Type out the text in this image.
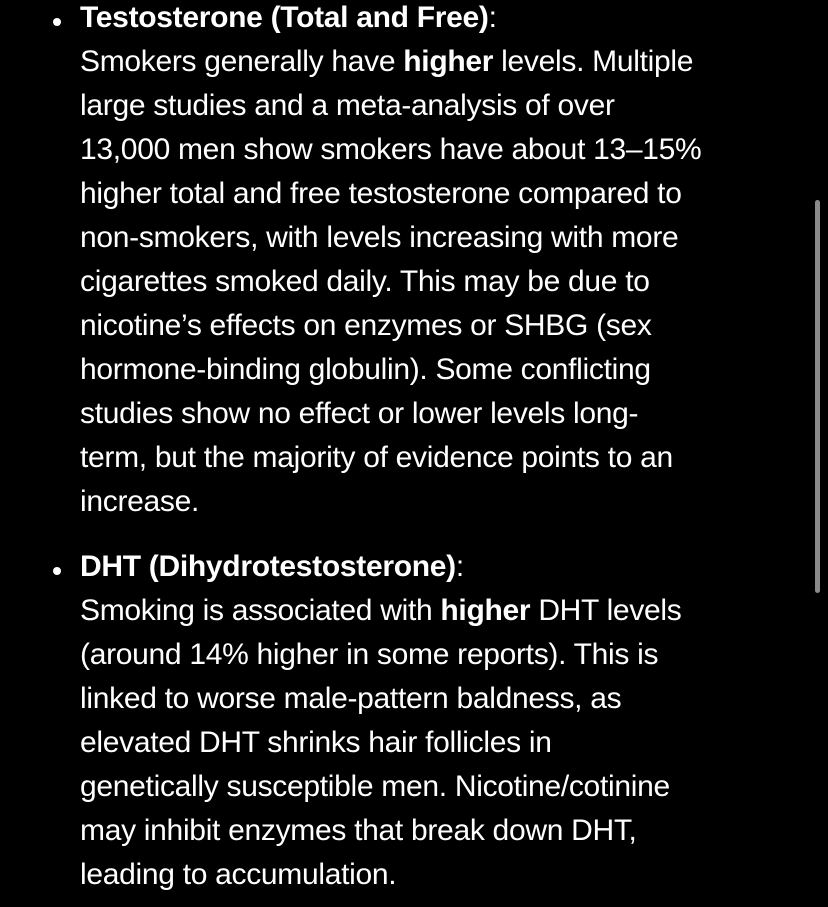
Testosterone (Total and Free):
Smokers generally have higher levels. Multiple
large studies and a meta-analysis of over
13,000 men show smokers have about 13–15%
higher total and free testosterone compared to
non-smokers, with levels increasing with more
cigarettes smoked daily. This may be due to
nicotine’s effects on enzymes or SHBG (sex
hormone-binding globulin). Some conflicting
studies show no effect or lower levels long-
term, but the majority of evidence points to an
increase.
DHT (Dihydrotestosterone):
Smoking is associated with higher DHT levels
(around 14% higher in some reports). This is
linked to worse male-pattern baldness, as
elevated DHT shrinks hair follicles in
genetically susceptible men. Nicotine/cotinine
may inhibit enzymes that break down DHT,
leading to accumulation.
